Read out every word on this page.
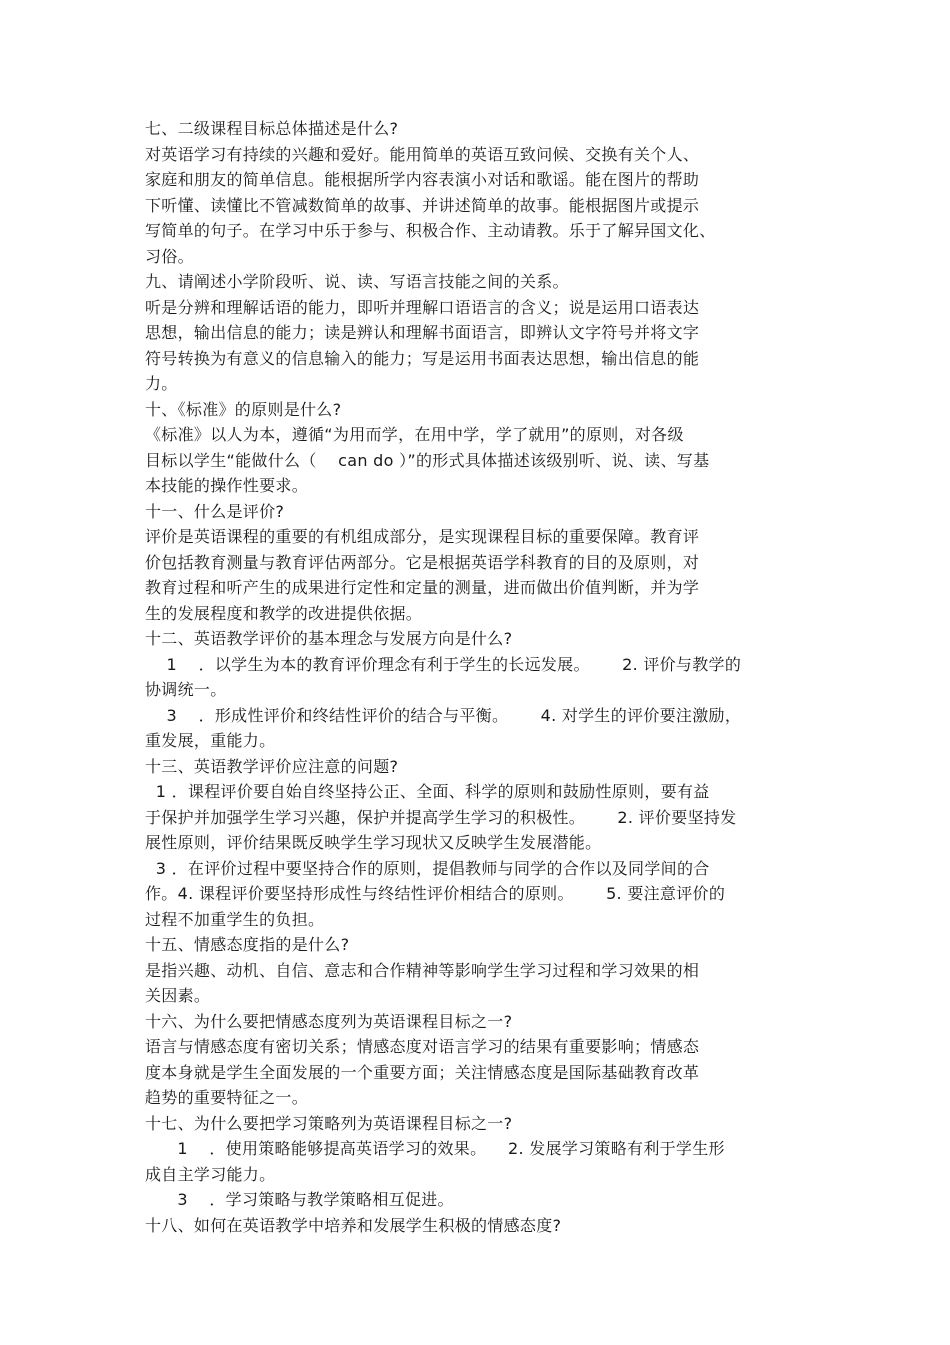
七、二级课程目标总体描述是什么?
对英语学习有持续的兴趣和爱好。能用简单的英语互致问候、交换有关个人、
家庭和朋友的简单信息。能根据所学内容表演小对话和歌谣。能在图片的帮助
下听懂、读懂比不管减数简单的故事、并讲述简单的故事。能根据图片或提示
写简单的句子。在学习中乐于参与、积极合作、主动请教。乐于了解异国文化、
习俗。
九、请阐述小学阶段听、说、读、写语言技能之间的关系。
听是分辨和理解话语的能力，即听并理解口语语言的含义；说是运用口语表达
思想，输出信息的能力；读是辨认和理解书面语言，即辨认文字符号并将文字
符号转换为有意义的信息输入的能力；写是运用书面表达思想，输出信息的能
力。
十、《标准》的原则是什么?
《标准》以人为本，遵循“为用而学，在用中学，学了就用”的原则，对各级
目标以学生“能做什么（    can do ）”的形式具体描述该级别听、说、读、写基
本技能的操作性要求。
十一、什么是评价?
评价是英语课程的重要的有机组成部分，是实现课程目标的重要保障。教育评
价包括教育测量与教育评估两部分。它是根据英语学科教育的目的及原则，对
教育过程和听产生的成果进行定性和定量的测量，进而做出价值判断，并为学
生的发展程度和教学的改进提供依据。
十二、英语教学评价的基本理念与发展方向是什么?
1    ．以学生为本的教育评价理念有利于学生的长远发展。      2. 评价与教学的
协调统一。
3    ．形成性评价和终结性评价的结合与平衡。      4. 对学生的评价要注激励，
重发展，重能力。
十三、英语教学评价应注意的问题?
1 ．课程评价要自始自终坚持公正、全面、科学的原则和鼓励性原则，要有益
于保护并加强学生学习兴趣，保护并提高学生学习的积极性。      2. 评价要坚持发
展性原则，评价结果既反映学生学习现状又反映学生发展潜能。
3 ．在评价过程中要坚持合作的原则，提倡教师与同学的合作以及同学间的合
作。4. 课程评价要坚持形成性与终结性评价相结合的原则。      5. 要注意评价的
过程不加重学生的负担。
十五、情感态度指的是什么?
是指兴趣、动机、自信、意志和合作精神等影响学生学习过程和学习效果的相
关因素。
十六、为什么要把情感态度列为英语课程目标之一?
语言与情感态度有密切关系；情感态度对语言学习的结果有重要影响；情感态
度本身就是学生全面发展的一个重要方面；关注情感态度是国际基础教育改革
趋势的重要特征之一。
十七、为什么要把学习策略列为英语课程目标之一?
1    ．使用策略能够提高英语学习的效果。    2. 发展学习策略有利于学生形
成自主学习能力。
3    ．学习策略与教学策略相互促进。
十八、如何在英语教学中培养和发展学生积极的情感态度?
